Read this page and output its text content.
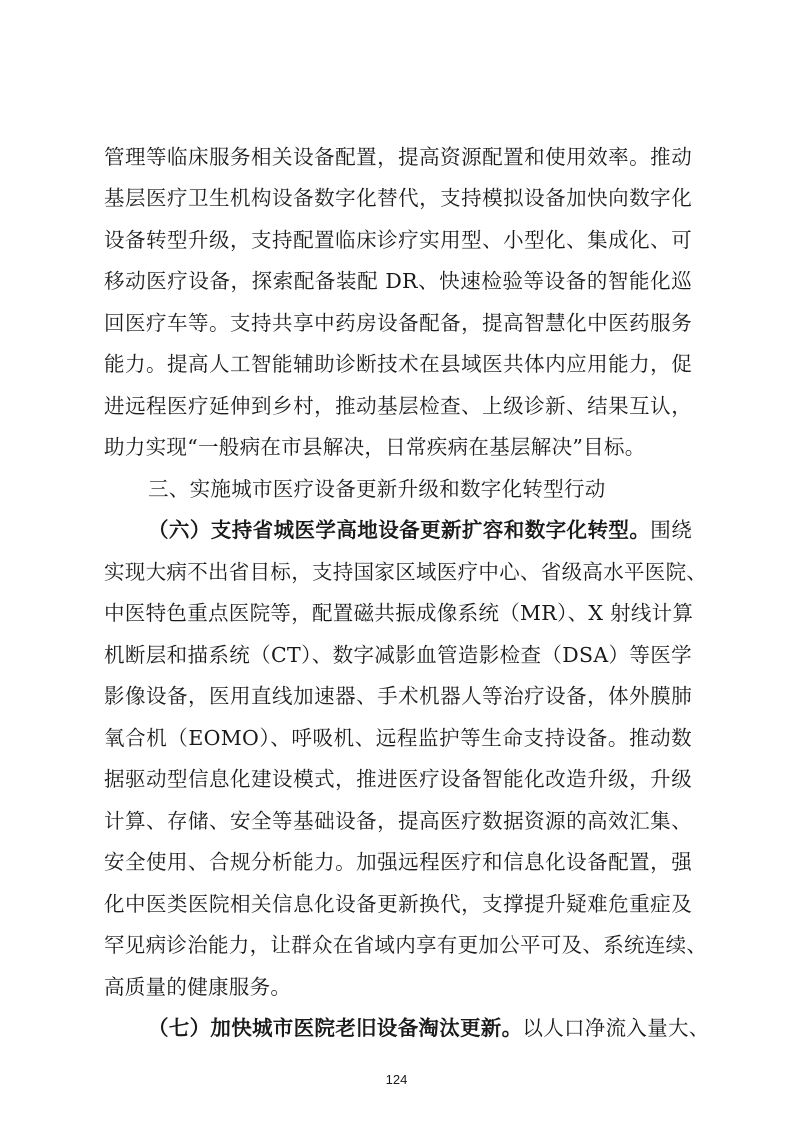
管理等临床服务相关设备配置，提高资源配置和使用效率。推动
基层医疗卫生机构设备数字化替代，支持模拟设备加快向数字化
设备转型升级，支持配置临床诊疗实用型、小型化、集成化、可
移动医疗设备，探索配备装配 DR、快速检验等设备的智能化巡
回医疗车等。支持共享中药房设备配备，提高智慧化中医药服务
能力。提高人工智能辅助诊断技术在县域医共体内应用能力，促
进远程医疗延伸到乡村，推动基层检查、上级诊新、结果互认，
助力实现“一般病在市县解决，日常疾病在基层解决”目标。
三、实施城市医疗设备更新升级和数字化转型行动
（六）支持省城医学高地设备更新扩容和数字化转型。围绕
实现大病不出省目标，支持国家区域医疗中心、省级高水平医院、
中医特色重点医院等，配置磁共振成像系统（MR）、X 射线计算
机断层和描系统（CT）、数字减影血管造影检查（DSA）等医学
影像设备，医用直线加速器、手术机器人等治疗设备，体外膜肺
氧合机（EOMO）、呼吸机、远程监护等生命支持设备。推动数
据驱动型信息化建设模式，推进医疗设备智能化改造升级，升级
计算、存储、安全等基础设备，提高医疗数据资源的高效汇集、
安全使用、合规分析能力。加强远程医疗和信息化设备配置，强
化中医类医院相关信息化设备更新换代，支撑提升疑难危重症及
罕见病诊治能力，让群众在省域内享有更加公平可及、系统连续、
高质量的健康服务。
（七）加快城市医院老旧设备淘汰更新。以人口净流入量大、
124
